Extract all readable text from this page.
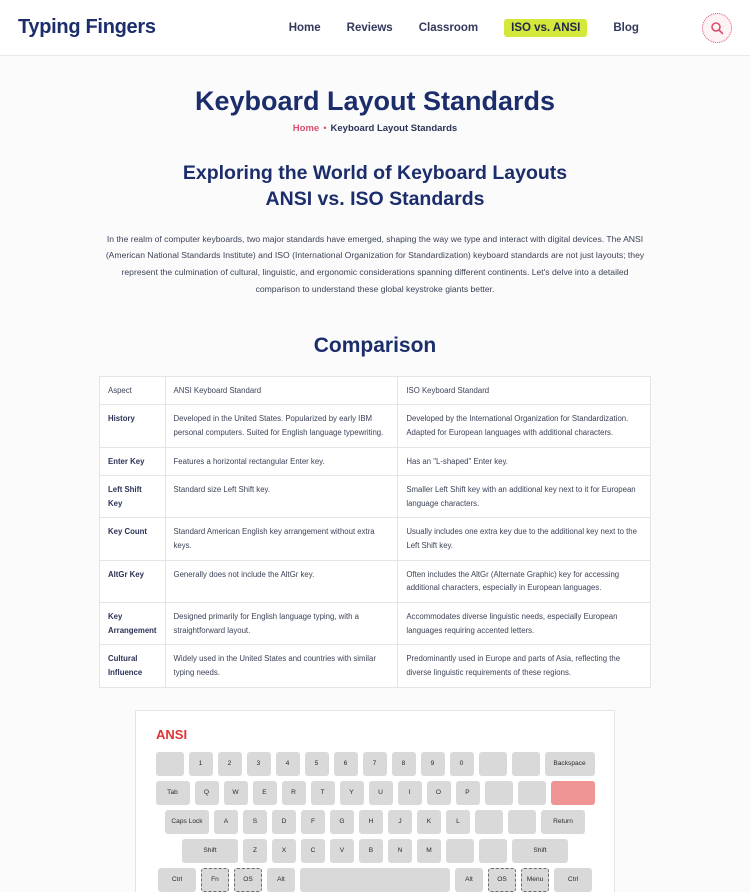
Typing Fingers	Home Reviews Classroom	ISO vs. ANSI	Blog
Keyboard Layout Standards
Home • Keyboard Layout Standards
Exploring the World of Keyboard Layouts
ANSI vs. ISO Standards

In the realm of computer keyboards, two major standards have emerged, shaping the way we type and interact with digital devices. The ANSI (American National Standards Institute) and ISO (International Organization for Standardization) keyboard standards are not just layouts; they represent the culmination of cultural, linguistic, and ergonomic considerations spanning different continents. Let's delve into a detailed comparison to understand these global keystroke giants better.

Comparison
Aspect	ANSI Keyboard Standard	ISO Keyboard Standard
History	Developed in the United States. Popularized by early IBM personal computers. Suited for English language typewriting.	Developed by the International Organization for Standardization. Adapted for European languages with additional characters.
Enter Key	Features a horizontal rectangular Enter key.	Has an "L-shaped" Enter key.
Left Shift Key	Standard size Left Shift key.	Smaller Left Shift key with an additional key next to it for European language characters.
Key Count	Standard American English key arrangement without extra keys.	Usually includes one extra key due to the additional key next to the Left Shift key.
AltGr Key	Generally does not include the AltGr key.	Often includes the AltGr (Alternate Graphic) key for accessing additional characters, especially in European languages.
Key Arrangement	Designed primarily for English language typing, with a straightforward layout.	Accommodates diverse linguistic needs, especially European languages requiring accented letters.
Cultural Influence	Widely used in the United States and countries with similar typing needs.	Predominantly used in Europe and parts of Asia, reflecting the diverse linguistic requirements of these regions.
ANSI
1	2	3	4	5	6	7	8	9	0	Backspace
Tab	Q	W	E	R	T	Y	U	I	O	P
Caps Lock	A	S	D	F	G	H	J	K	L	Return
Shift	Z	X	C	V	B	N	M	Shift
Ctrl	Fn	OS	Alt	Alt	OS	Menu	Ctrl
